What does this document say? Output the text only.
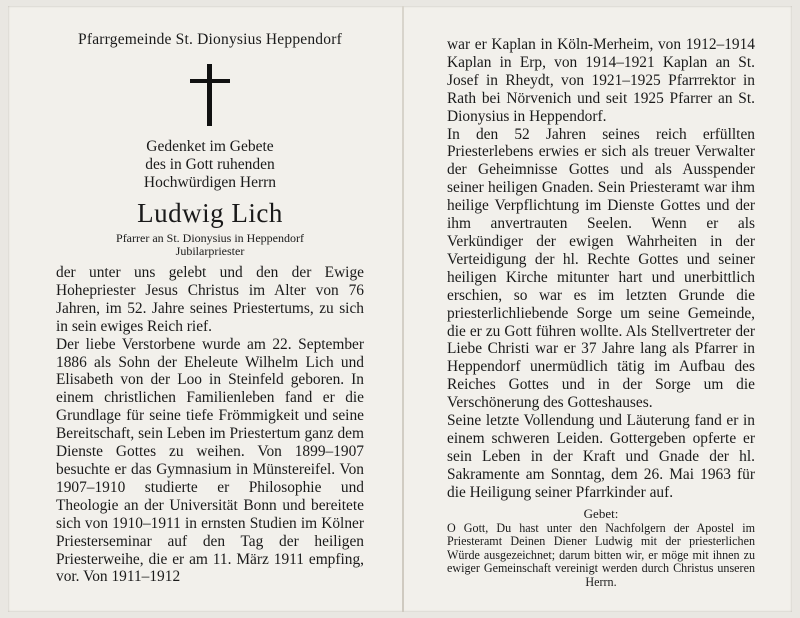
Pfarrgemeinde St. Dionysius Heppendorf
Gedenket im Gebete
des in Gott ruhenden
Hochwürdigen Herrn
Ludwig Lich
Pfarrer an St. Dionysius in Heppendorf
Jubilarpriester

der unter uns gelebt und den der Ewige Hohepriester Jesus Christus im Alter von 76 Jahren, im 52. Jahre seines Priestertums, zu sich in sein ewiges Reich rief.

Der liebe Verstorbene wurde am 22. September 1886 als Sohn der Eheleute Wilhelm Lich und Elisabeth von der Loo in Steinfeld geboren. In einem christlichen Familienleben fand er die Grundlage für seine tiefe Frömmigkeit und seine Bereitschaft, sein Leben im Priestertum ganz dem Dienste Gottes zu weihen. Von 1899–1907 besuchte er das Gymnasium in Münstereifel. Von 1907–1910 studierte er Philosophie und Theologie an der Universität Bonn und bereitete sich von 1910–1911 in ernsten Studien im Kölner Priesterseminar auf den Tag der heiligen Priesterweihe, die er am 11. März 1911 empfing, vor. Von 1911–1912

war er Kaplan in Köln-Merheim, von 1912–1914 Kaplan in Erp, von 1914–1921 Kaplan an St. Josef in Rheydt, von 1921–1925 Pfarrrektor in Rath bei Nörvenich und seit 1925 Pfarrer an St. Dionysius in Heppendorf.

In den 52 Jahren seines reich erfüllten Priesterlebens erwies er sich als treuer Verwalter der Geheimnisse Gottes und als Ausspender seiner heiligen Gnaden. Sein Priesteramt war ihm heilige Verpflichtung im Dienste Gottes und der ihm anvertrauten Seelen. Wenn er als Verkündiger der ewigen Wahrheiten in der Verteidigung der hl. Rechte Gottes und seiner heiligen Kirche mitunter hart und unerbittlich erschien, so war es im letzten Grunde die priesterlichliebende Sorge um seine Gemeinde, die er zu Gott führen wollte. Als Stellvertreter der Liebe Christi war er 37 Jahre lang als Pfarrer in Heppendorf unermüdlich tätig im Aufbau des Reiches Gottes und in der Sorge um die Verschönerung des Gotteshauses.

Seine letzte Vollendung und Läuterung fand er in einem schweren Leiden. Gottergeben opferte er sein Leben in der Kraft und Gnade der hl. Sakramente am Sonntag, dem 26. Mai 1963 für die Heiligung seiner Pfarrkinder auf.

Gebet:
O Gott, Du hast unter den Nachfolgern der Apostel im Priesteramt Deinen Diener Ludwig mit der priesterlichen Würde ausgezeichnet; darum bitten wir, er möge mit ihnen zu ewiger Gemeinschaft vereinigt werden durch Christus unseren Herrn.
